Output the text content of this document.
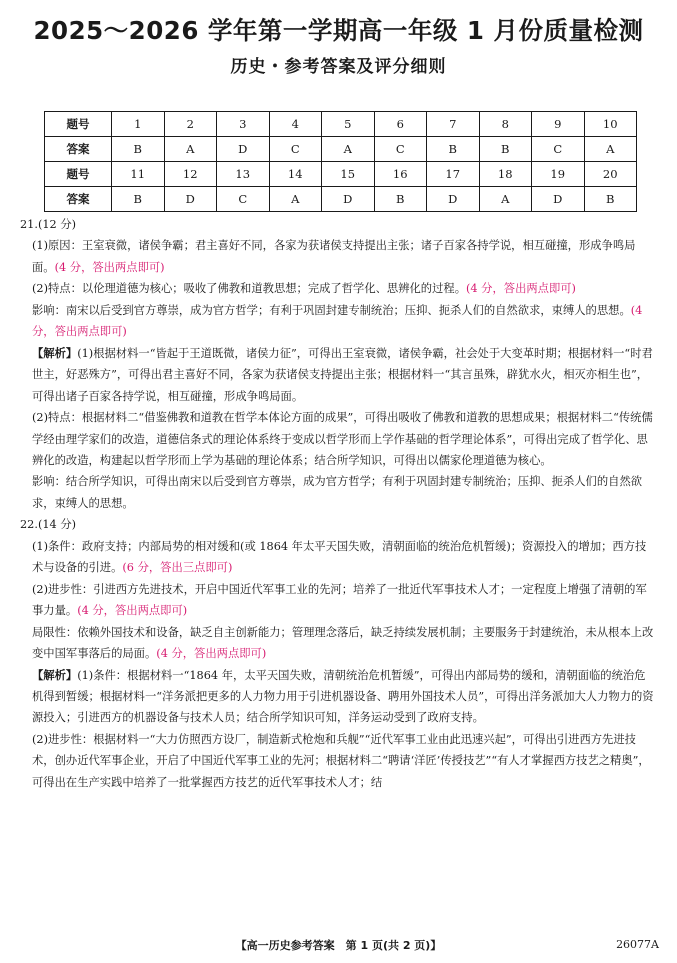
2025～2026 学年第一学期高一年级 1 月份质量检测
历史・参考答案及评分细则
题号	1	2	3	4	5	6	7	8	9	10
答案	B	A	D	C	A	C	B	B	C	A
题号	11	12	13	14	15	16	17	18	19	20
答案	B	D	C	A	D	B	D	A	D	B

21.(12 分)

(1)原因：王室衰微，诸侯争霸；君主喜好不同，各家为获诸侯支持提出主张；诸子百家各持学说，相互碰撞，形成争鸣局面。(4 分，答出两点即可)

(2)特点：以伦理道德为核心；吸收了佛教和道教思想；完成了哲学化、思辨化的过程。(4 分，答出两点即可)

影响：南宋以后受到官方尊崇，成为官方哲学；有利于巩固封建专制统治；压抑、扼杀人们的自然欲求，束缚人的思想。(4 分，答出两点即可)

【解析】(1)根据材料一“皆起于王道既微，诸侯力征”，可得出王室衰微，诸侯争霸，社会处于大变革时期；根据材料一“时君世主，好恶殊方”，可得出君主喜好不同，各家为获诸侯支持提出主张；根据材料一“其言虽殊，辟犹水火，相灭亦相生也”，可得出诸子百家各持学说，相互碰撞，形成争鸣局面。

(2)特点：根据材料二“借鉴佛教和道教在哲学本体论方面的成果”，可得出吸收了佛教和道教的思想成果；根据材料二“传统儒学经由理学家们的改造，道德信条式的理论体系终于变成以哲学形而上学作基础的哲学理论体系”，可得出完成了哲学化、思辨化的改造，构建起以哲学形而上学为基础的理论体系；结合所学知识，可得出以儒家伦理道德为核心。

影响：结合所学知识，可得出南宋以后受到官方尊崇，成为官方哲学；有利于巩固封建专制统治；压抑、扼杀人们的自然欲求，束缚人的思想。

22.(14 分)

(1)条件：政府支持；内部局势的相对缓和(或 1864 年太平天国失败，清朝面临的统治危机暂缓)；资源投入的增加；西方技术与设备的引进。(6 分，答出三点即可)

(2)进步性：引进西方先进技术，开启中国近代军事工业的先河；培养了一批近代军事技术人才；一定程度上增强了清朝的军事力量。(4 分，答出两点即可)

局限性：依赖外国技术和设备，缺乏自主创新能力；管理理念落后，缺乏持续发展机制；主要服务于封建统治，未从根本上改变中国军事落后的局面。(4 分，答出两点即可)

【解析】(1)条件：根据材料一“1864 年，太平天国失败，清朝统治危机暂缓”，可得出内部局势的缓和，清朝面临的统治危机得到暂缓；根据材料一“洋务派把更多的人力物力用于引进机器设备、聘用外国技术人员”，可得出洋务派加大人力物力的资源投入；引进西方的机器设备与技术人员；结合所学知识可知，洋务运动受到了政府支持。

(2)进步性：根据材料一“大力仿照西方设厂，制造新式枪炮和兵舰”“近代军事工业由此迅速兴起”，可得出引进西方先进技术，创办近代军事企业，开启了中国近代军事工业的先河；根据材料二“聘请‘洋匠’传授技艺”“有人才掌握西方技艺之精奥”，可得出在生产实践中培养了一批掌握西方技艺的近代军事技术人才；结

【高一历史参考答案　第 1 页(共 2 页)】	26077A
